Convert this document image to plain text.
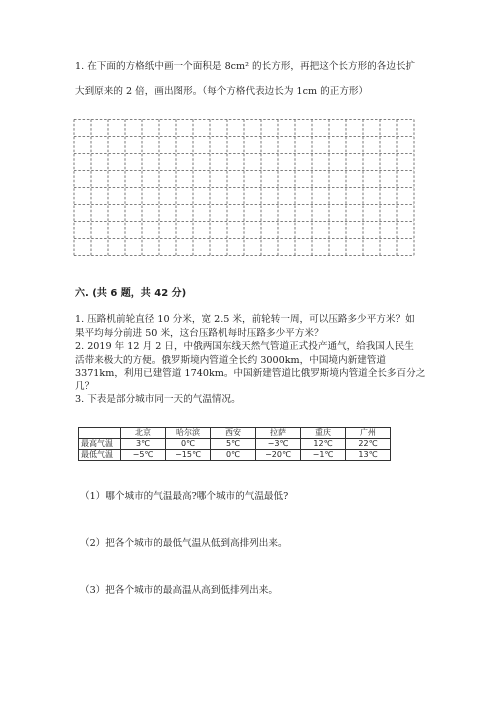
1. 在下面的方格纸中画一个面积是 8cm² 的长方形，再把这个长方形的各边长扩
大到原来的 2 倍，画出图形。（每个方格代表边长为 1cm 的正方形）
六. (共 6 题，共 42 分)
1. 压路机前轮直径 10 分米，宽 2.5 米，前轮转一周，可以压路多少平方米？如
果平均每分前进 50 米，这台压路机每时压路多少平方米？
2. 2019 年 12 月 2 日，中俄两国东线天然气管道正式投产通气，给我国人民生
活带来极大的方便。俄罗斯境内管道全长约 3000km，中国境内新建管道
3371km，利用已建管道 1740km。中国新建管道比俄罗斯境内管道全长多百分之
几？
3. 下表是部分城市同一天的气温情况。
	北京	哈尔滨	西安	拉萨	重庆	广州
最高气温	3℃	0℃	5℃	−3℃	12℃	22℃
最低气温	−5℃	−15℃	0℃	−20℃	−1℃	13℃
（1）哪个城市的气温最高?哪个城市的气温最低?
（2）把各个城市的最低气温从低到高排列出来。
（3）把各个城市的最高温从高到低排列出来。
